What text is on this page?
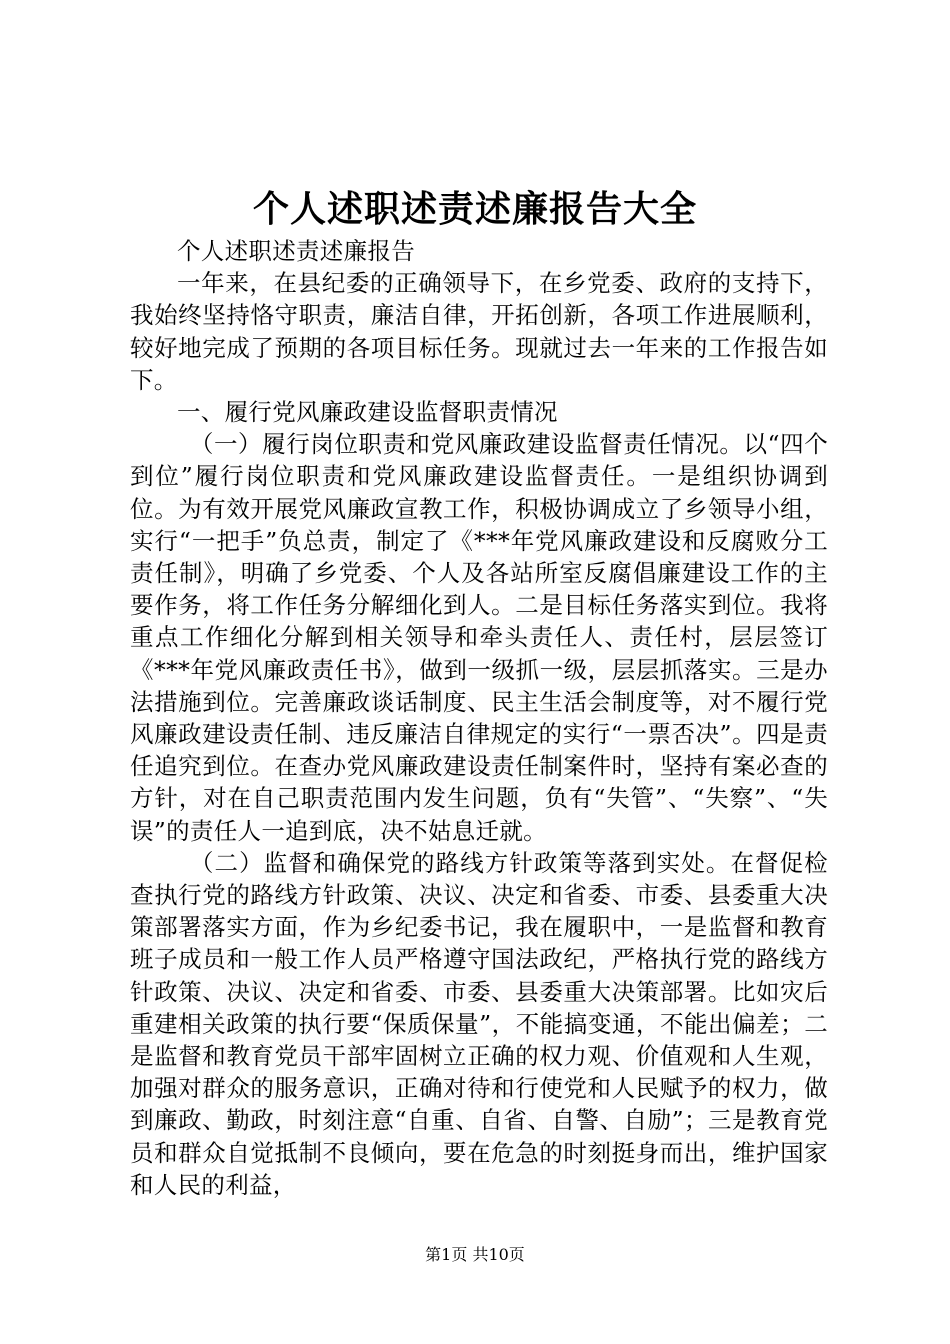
个人述职述责述廉报告大全

个人述职述责述廉报告

一年来，在县纪委的正确领导下，在乡党委、政府的支持下，我始终坚持恪守职责，廉洁自律，开拓创新，各项工作进展顺利，较好地完成了预期的各项目标任务。现就过去一年来的工作报告如下。

一、履行党风廉政建设监督职责情况

（一）履行岗位职责和党风廉政建设监督责任情况。以“四个到位”履行岗位职责和党风廉政建设监督责任。一是组织协调到位。为有效开展党风廉政宣教工作，积极协调成立了乡领导小组，实行“一把手”负总责，制定了《***年党风廉政建设和反腐败分工责任制》，明确了乡党委、个人及各站所室反腐倡廉建设工作的主要作务，将工作任务分解细化到人。二是目标任务落实到位。我将重点工作细化分解到相关领导和牵头责任人、责任村，层层签订《***年党风廉政责任书》，做到一级抓一级，层层抓落实。三是办法措施到位。完善廉政谈话制度、民主生活会制度等，对不履行党风廉政建设责任制、违反廉洁自律规定的实行“一票否决”。四是责任追究到位。在查办党风廉政建设责任制案件时，坚持有案必查的方针，对在自己职责范围内发生问题，负有“失管”、“失察”、“失误”的责任人一追到底，决不姑息迁就。

（二）监督和确保党的路线方针政策等落到实处。在督促检查执行党的路线方针政策、决议、决定和省委、市委、县委重大决策部署落实方面，作为乡纪委书记，我在履职中，一是监督和教育班子成员和一般工作人员严格遵守国法政纪，严格执行党的路线方针政策、决议、决定和省委、市委、县委重大决策部署。比如灾后重建相关政策的执行要“保质保量”，不能搞变通，不能出偏差；二是监督和教育党员干部牢固树立正确的权力观、价值观和人生观，加强对群众的服务意识，正确对待和行使党和人民赋予的权力，做到廉政、勤政，时刻注意“自重、自省、自警、自励”；三是教育党员和群众自觉抵制不良倾向，要在危急的时刻挺身而出，维护国家和人民的利益，

第1页 共10页
